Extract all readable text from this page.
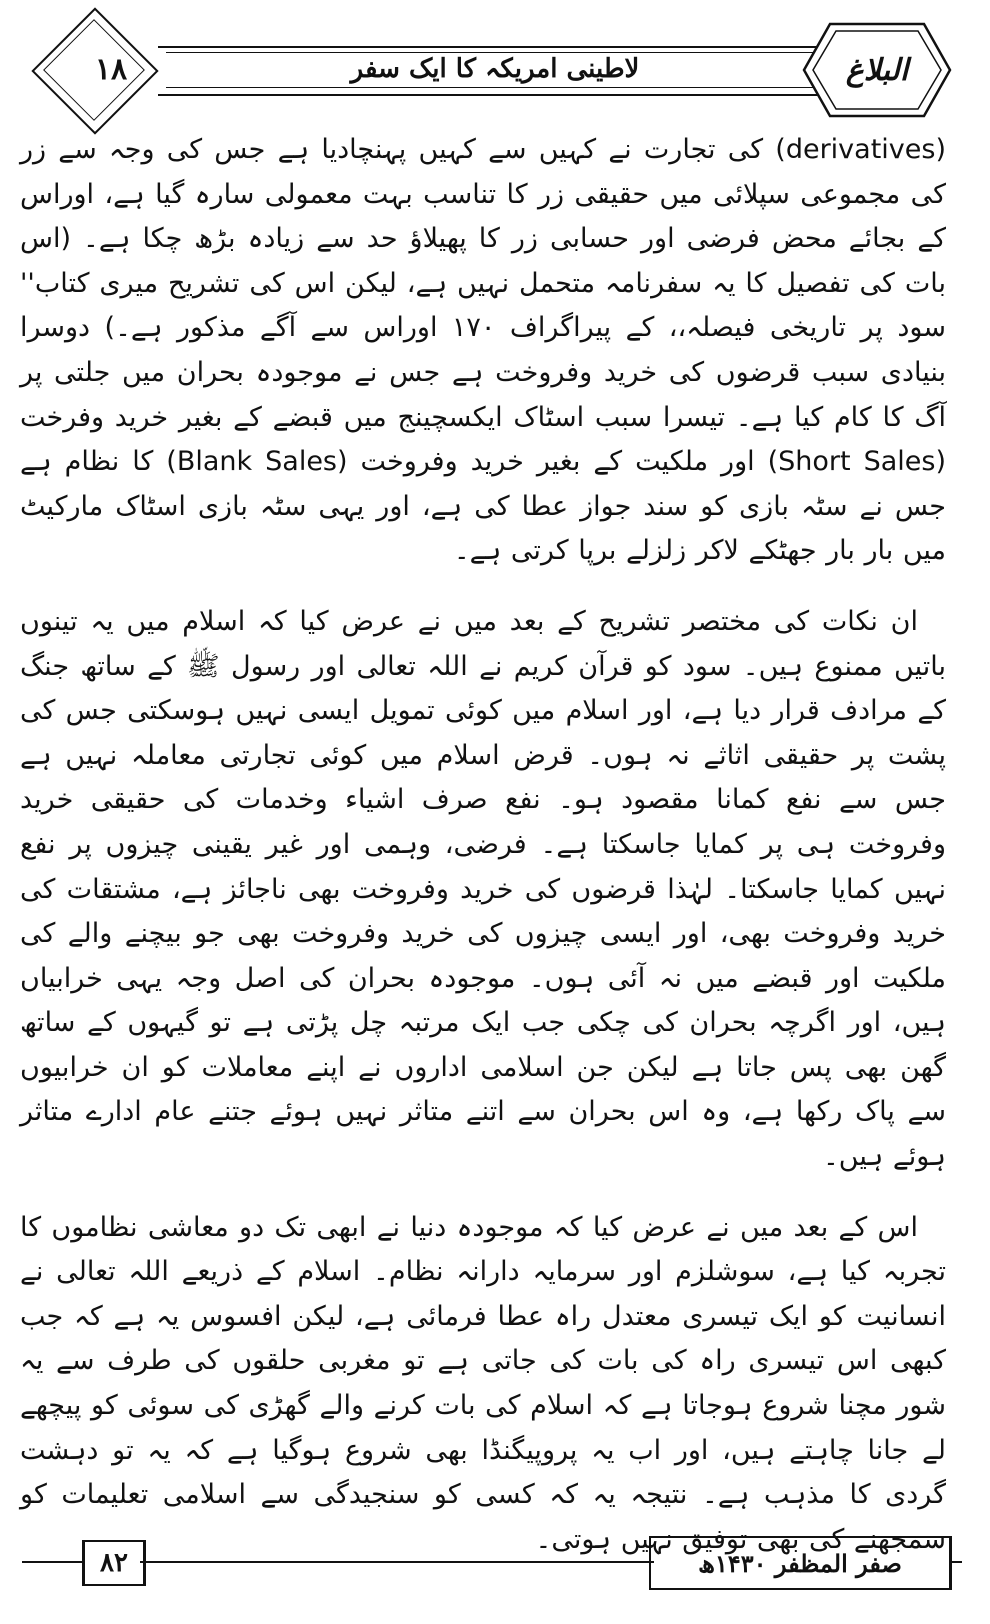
لاطینی امریکہ کا ایک سفر
۱۸	البلاغ

(derivatives) کی تجارت نے کہیں سے کہیں پہنچادیا ہے جس کی وجہ سے زر کی مجموعی سپلائی میں حقیقی زر کا تناسب بہت معمولی سارہ گیا ہے، اوراس کے بجائے محض فرضی اور حسابی زر کا پھیلاؤ حد سے زیادہ بڑھ چکا ہے۔ (اس بات کی تفصیل کا یہ سفرنامہ متحمل نہیں ہے، لیکن اس کی تشریح میری کتاب'' سود پر تاریخی فیصلہ،، کے پیراگراف ۱۷۰ اوراس سے آگے مذکور ہے۔) دوسرا بنیادی سبب قرضوں کی خرید وفروخت ہے جس نے موجودہ بحران میں جلتی پر آگ کا کام کیا ہے۔ تیسرا سبب اسٹاک ایکسچینج میں قبضے کے بغیر خرید وفرخت (Short Sales) اور ملکیت کے بغیر خرید وفروخت (Blank Sales) کا نظام ہے جس نے سٹہ بازی کو سند جواز عطا کی ہے، اور یہی سٹہ بازی اسٹاک مارکیٹ میں بار بار جھٹکے لاکر زلزلے برپا کرتی ہے۔

ان نکات کی مختصر تشریح کے بعد میں نے عرض کیا کہ اسلام میں یہ تینوں باتیں ممنوع ہیں۔ سود کو قرآن کریم نے اللہ تعالی اور رسول ﷺ کے ساتھ جنگ کے مرادف قرار دیا ہے، اور اسلام میں کوئی تمویل ایسی نہیں ہوسکتی جس کی پشت پر حقیقی اثاثے نہ ہوں۔ قرض اسلام میں کوئی تجارتی معاملہ نہیں ہے جس سے نفع کمانا مقصود ہو۔ نفع صرف اشیاء وخدمات کی حقیقی خرید وفروخت ہی پر کمایا جاسکتا ہے۔ فرضی، وہمی اور غیر یقینی چیزوں پر نفع نہیں کمایا جاسکتا۔ لہٰذا قرضوں کی خرید وفروخت بھی ناجائز ہے، مشتقات کی خرید وفروخت بھی، اور ایسی چیزوں کی خرید وفروخت بھی جو بیچنے والے کی ملکیت اور قبضے میں نہ آئی ہوں۔ موجودہ بحران کی اصل وجہ یہی خرابیاں ہیں، اور اگرچہ بحران کی چکی جب ایک مرتبہ چل پڑتی ہے تو گیہوں کے ساتھ گھن بھی پس جاتا ہے لیکن جن اسلامی اداروں نے اپنے معاملات کو ان خرابیوں سے پاک رکھا ہے، وہ اس بحران سے اتنے متاثر نہیں ہوئے جتنے عام ادارے متاثر ہوئے ہیں۔

اس کے بعد میں نے عرض کیا کہ موجودہ دنیا نے ابھی تک دو معاشی نظاموں کا تجربہ کیا ہے، سوشلزم اور سرمایہ دارانہ نظام۔ اسلام کے ذریعے اللہ تعالی نے انسانیت کو ایک تیسری معتدل راہ عطا فرمائی ہے، لیکن افسوس یہ ہے کہ جب کبھی اس تیسری راہ کی بات کی جاتی ہے تو مغربی حلقوں کی طرف سے یہ شور مچنا شروع ہوجاتا ہے کہ اسلام کی بات کرنے والے گھڑی کی سوئی کو پیچھے لے جانا چاہتے ہیں، اور اب یہ پروپیگنڈا بھی شروع ہوگیا ہے کہ یہ تو دہشت گردی کا مذہب ہے۔ نتیجہ یہ کہ کسی کو سنجیدگی سے اسلامی تعلیمات کو سمجھنے کی بھی توفیق نہیں ہوتی۔

۸۲	صفر المظفر ۱۴۳۰ھ
